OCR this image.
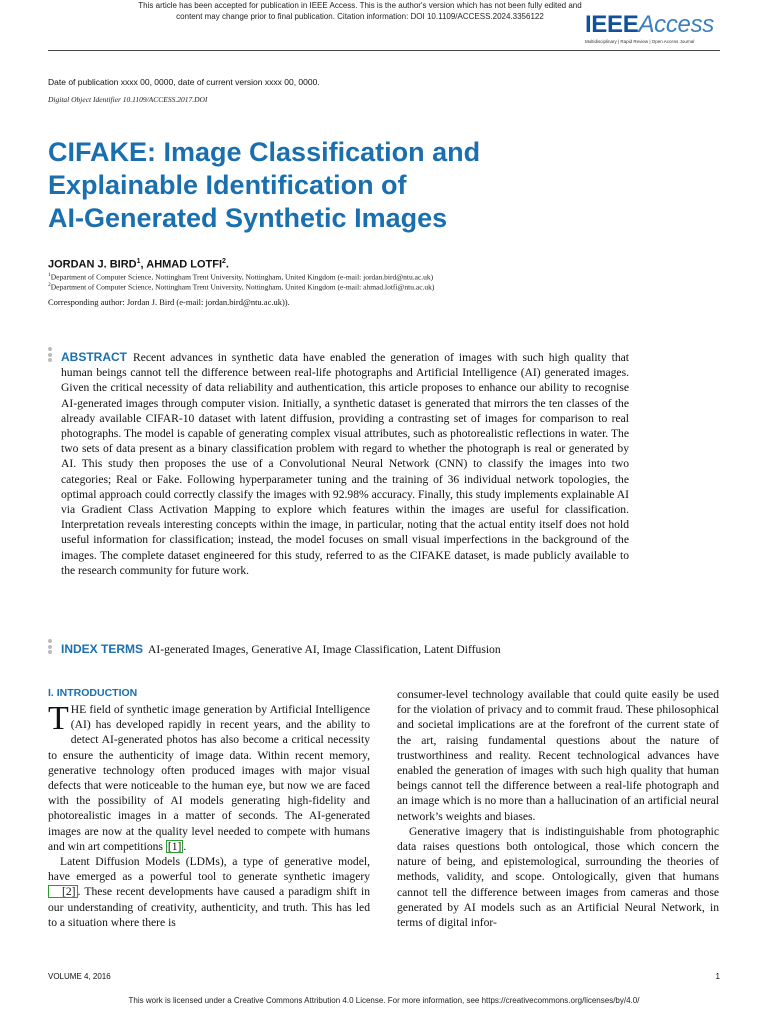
This article has been accepted for publication in IEEE Access. This is the author's version which has not been fully edited and
content may change prior to final publication. Citation information: DOI 10.1109/ACCESS.2024.3356122	IEEEAccess
Multidisciplinary | Rapid Review | Open Access Journal
Date of publication xxxx 00, 0000, date of current version xxxx 00, 0000.
Digital Object Identifier 10.1109/ACCESS.2017.DOI
CIFAKE: Image Classification and
Explainable Identification of
AI-Generated Synthetic Images
JORDAN J. BIRD$^1$, AHMAD LOTFI$^2$.
$^1$Department of Computer Science, Nottingham Trent University, Nottingham, United Kingdom (e-mail: jordan.bird@ntu.ac.uk)
$^2$Department of Computer Science, Nottingham Trent University, Nottingham, United Kingdom (e-mail: ahmad.lotfi@ntu.ac.uk)
Corresponding author: Jordan J. Bird (e-mail: jordan.bird@ntu.ac.uk)).

ABSTRACT Recent advances in synthetic data have enabled the generation of images with such high quality that human beings cannot tell the difference between real-life photographs and Artificial Intelligence (AI) generated images. Given the critical necessity of data reliability and authentication, this article proposes to enhance our ability to recognise AI-generated images through computer vision. Initially, a synthetic dataset is generated that mirrors the ten classes of the already available CIFAR-10 dataset with latent diffusion, providing a contrasting set of images for comparison to real photographs. The model is capable of generating complex visual attributes, such as photorealistic reflections in water. The two sets of data present as a binary classification problem with regard to whether the photograph is real or generated by AI. This study then proposes the use of a Convolutional Neural Network (CNN) to classify the images into two categories; Real or Fake. Following hyperparameter tuning and the training of 36 individual network topologies, the optimal approach could correctly classify the images with 92.98% accuracy. Finally, this study implements explainable AI via Gradient Class Activation Mapping to explore which features within the images are useful for classification. Interpretation reveals interesting concepts within the image, in particular, noting that the actual entity itself does not hold useful information for classification; instead, the model focuses on small visual imperfections in the background of the images. The complete dataset engineered for this study, referred to as the CIFAKE dataset, is made publicly available to the research community for future work.

INDEX TERMS AI-generated Images, Generative AI, Image Classification, Latent Diffusion

I. INTRODUCTION

THE field of synthetic image generation by Artificial Intelligence (AI) has developed rapidly in recent years, and the ability to detect AI-generated photos has also become a critical necessity to ensure the authenticity of image data. Within recent memory, generative technology often produced images with major visual defects that were noticeable to the human eye, but now we are faced with the possibility of AI models generating high-fidelity and photorealistic images in a matter of seconds. The AI-generated images are now at the quality level needed to compete with humans and win art competitions [1] .

Latent Diffusion Models (LDMs), a type of generative model, have emerged as a powerful tool to generate synthetic imagery [2] . These recent developments have caused a paradigm shift in our understanding of creativity, authenticity, and truth. This has led to a situation where there is

consumer-level technology available that could quite easily be used for the violation of privacy and to commit fraud. These philosophical and societal implications are at the forefront of the current state of the art, raising fundamental questions about the nature of trustworthiness and reality. Recent technological advances have enabled the generation of images with such high quality that human beings cannot tell the difference between a real-life photograph and an image which is no more than a hallucination of an artificial neural network’s weights and biases.

Generative imagery that is indistinguishable from photographic data raises questions both ontological, those which concern the nature of being, and epistemological, surrounding the theories of methods, validity, and scope. Ontologically, given that humans cannot tell the difference between images from cameras and those generated by AI models such as an Artificial Neural Network, in terms of digital infor-

VOLUME 4, 2016	1
This work is licensed under a Creative Commons Attribution 4.0 License. For more information, see https://creativecommons.org/licenses/by/4.0/
